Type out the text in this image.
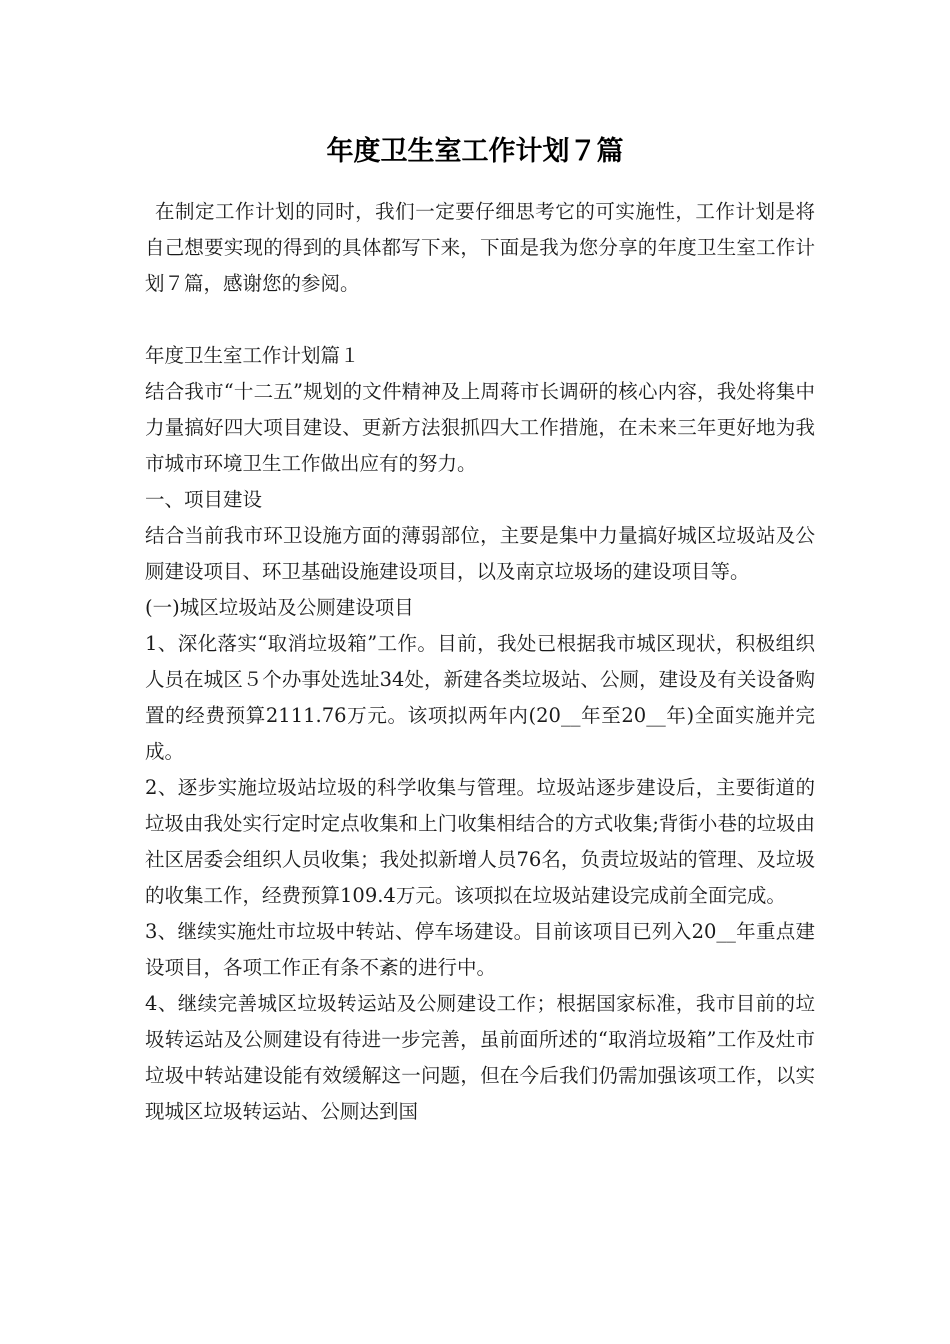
年度卫生室工作计划７篇

在制定工作计划的同时，我们一定要仔细思考它的可实施性，工作计划是将自己想要实现的得到的具体都写下来，下面是我为您分享的年度卫生室工作计划７篇，感谢您的参阅。

年度卫生室工作计划篇１

结合我市“十二五”规划的文件精神及上周蒋市长调研的核心内容，我处将集中力量搞好四大项目建设、更新方法狠抓四大工作措施，在未来三年更好地为我市城市环境卫生工作做出应有的努力。

一、项目建设

结合当前我市环卫设施方面的薄弱部位，主要是集中力量搞好城区垃圾站及公厕建设项目、环卫基础设施建设项目，以及南京垃圾场的建设项目等。

(一)城区垃圾站及公厕建设项目

1、深化落实“取消垃圾箱”工作。目前，我处已根据我市城区现状，积极组织人员在城区５个办事处选址34处，新建各类垃圾站、公厕，建设及有关设备购置的经费预算2111.76万元。该项拟两年内(20__年至20__年)全面实施并完成。

2、逐步实施垃圾站垃圾的科学收集与管理。垃圾站逐步建设后，主要街道的垃圾由我处实行定时定点收集和上门收集相结合的方式收集;背街小巷的垃圾由社区居委会组织人员收集；我处拟新增人员76名，负责垃圾站的管理、及垃圾的收集工作，经费预算109.4万元。该项拟在垃圾站建设完成前全面完成。

3、继续实施灶市垃圾中转站、停车场建设。目前该项目已列入20__年重点建设项目，各项工作正有条不紊的进行中。

4、继续完善城区垃圾转运站及公厕建设工作；根据国家标准，我市目前的垃圾转运站及公厕建设有待进一步完善，虽前面所述的“取消垃圾箱”工作及灶市垃圾中转站建设能有效缓解这一问题，但在今后我们仍需加强该项工作，以实现城区垃圾转运站、公厕达到国
